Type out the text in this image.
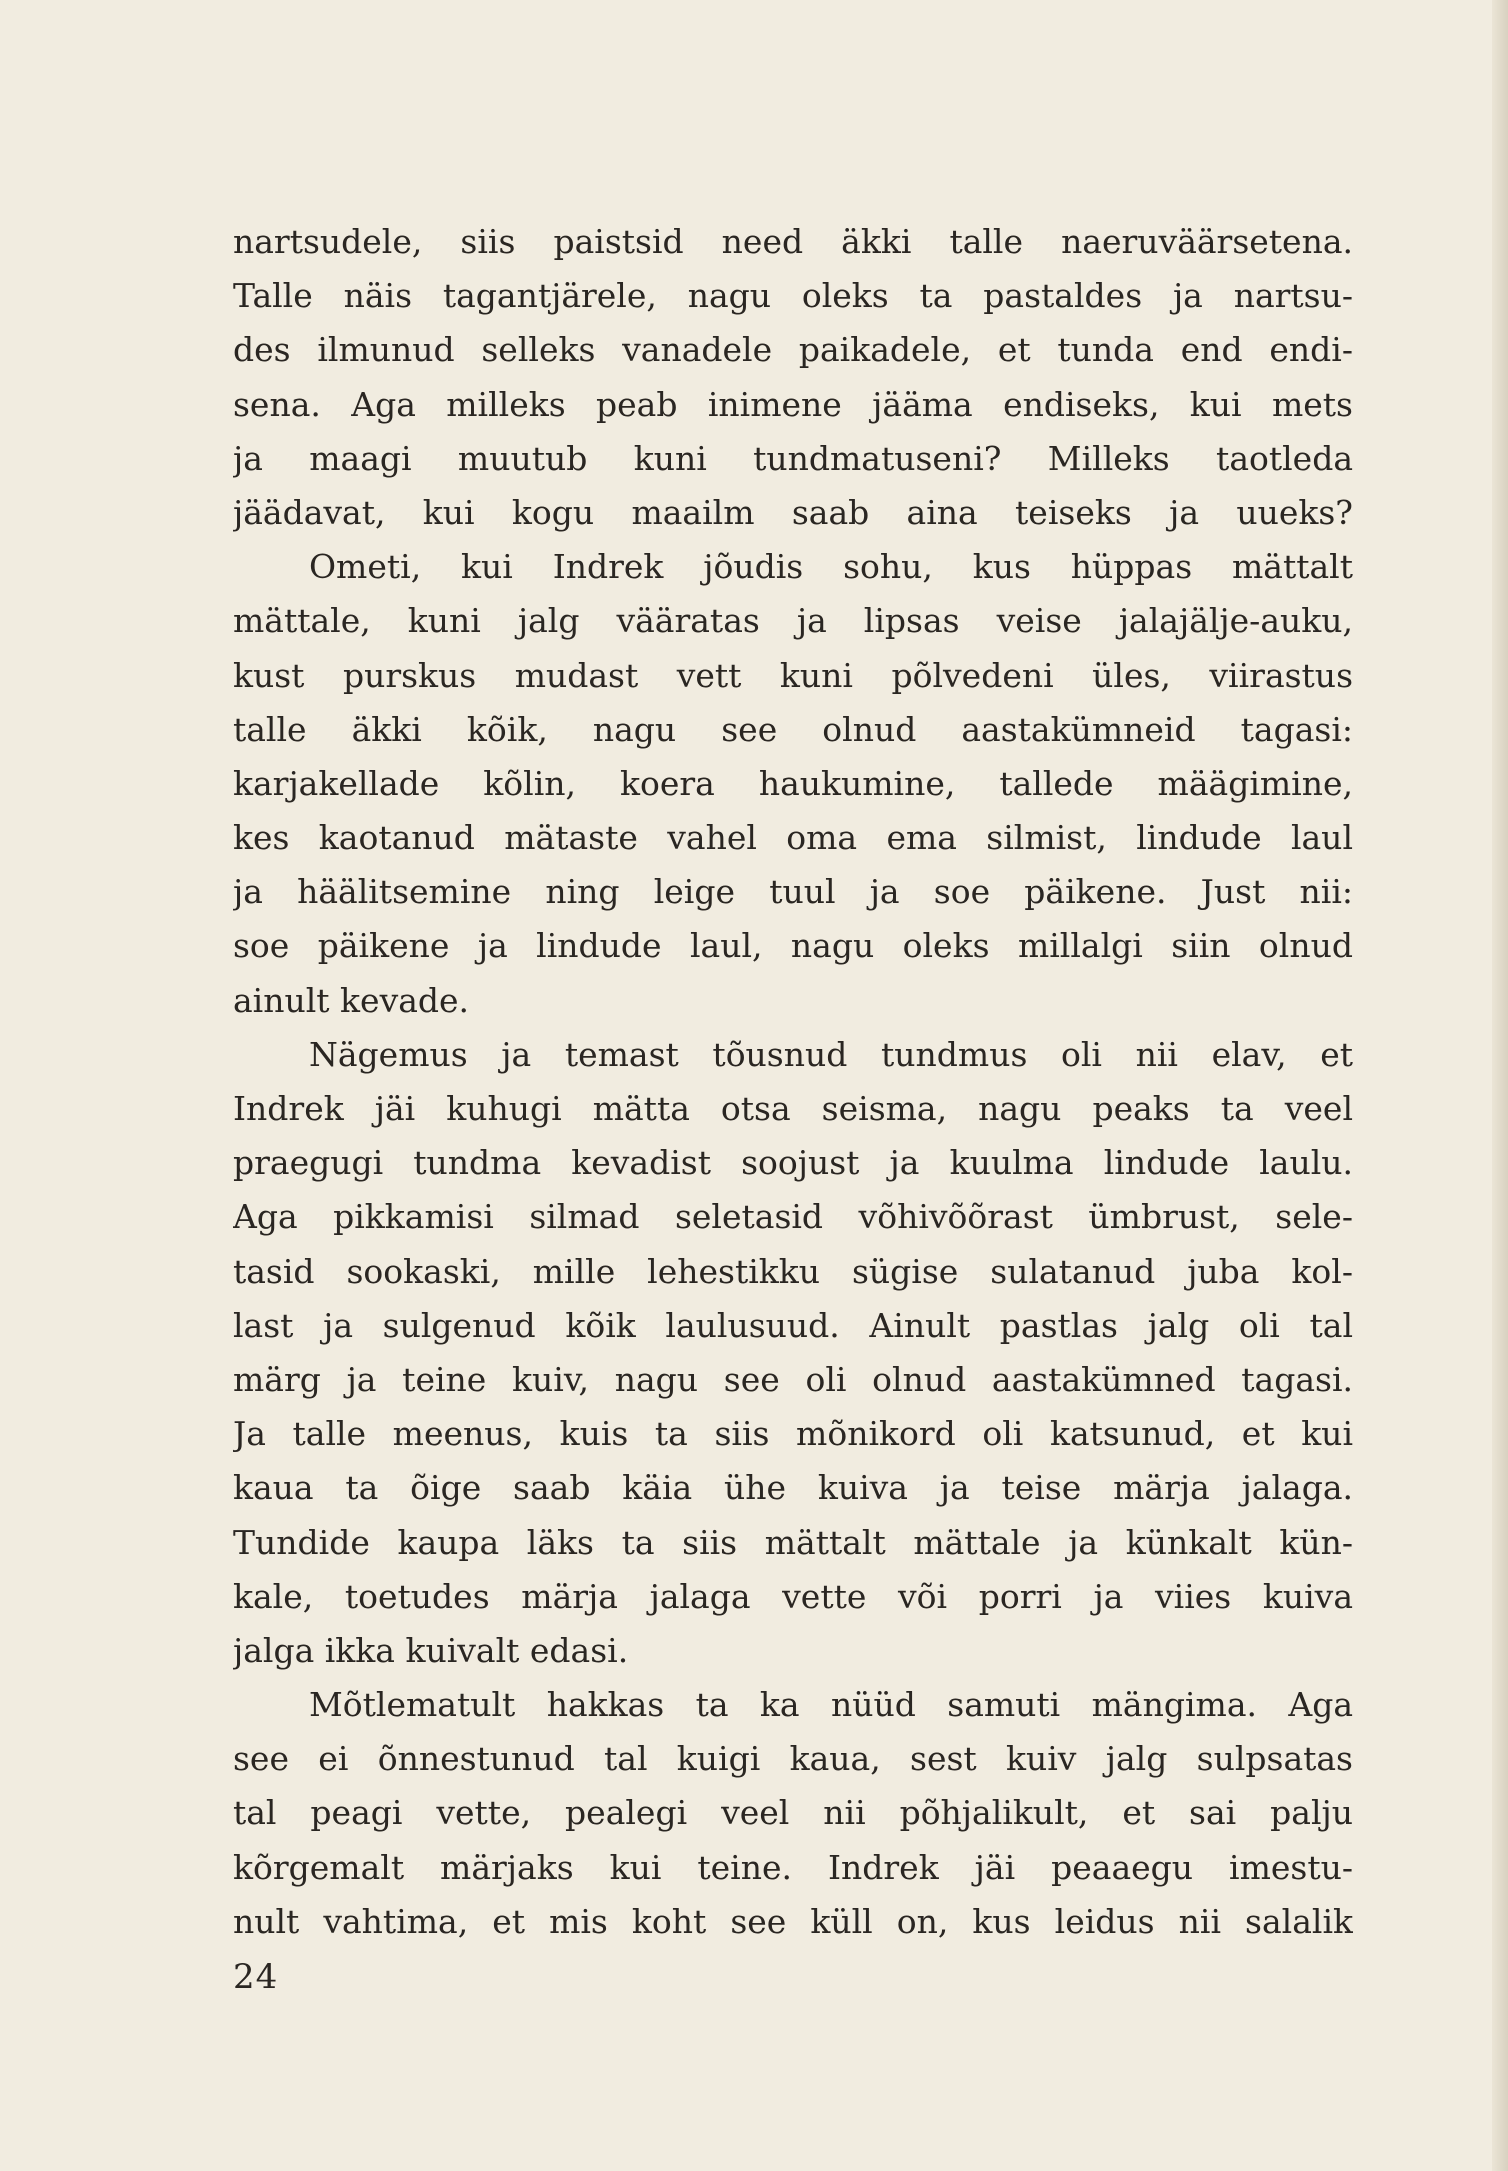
nartsudele, siis paistsid need äkki talle naeruväärsetena.
Talle näis tagantjärele, nagu oleks ta pastaldes ja nartsu-
des ilmunud selleks vanadele paikadele, et tunda end endi-
sena. Aga milleks peab inimene jääma endiseks, kui mets
ja maagi muutub kuni tundmatuseni? Milleks taotleda
jäädavat, kui kogu maailm saab aina teiseks ja uueks?
Ometi, kui Indrek jõudis sohu, kus hüppas mättalt
mättale, kuni jalg vääratas ja lipsas veise jalajälje-auku,
kust purskus mudast vett kuni põlvedeni üles, viirastus
talle äkki kõik, nagu see olnud aastakümneid tagasi:
karjakellade kõlin, koera haukumine, tallede määgimine,
kes kaotanud mätaste vahel oma ema silmist, lindude laul
ja häälitsemine ning leige tuul ja soe päikene. Just nii:
soe päikene ja lindude laul, nagu oleks millalgi siin olnud
ainult kevade.
Nägemus ja temast tõusnud tundmus oli nii elav, et
Indrek jäi kuhugi mätta otsa seisma, nagu peaks ta veel
praegugi tundma kevadist soojust ja kuulma lindude laulu.
Aga pikkamisi silmad seletasid võhivõõrast ümbrust, sele-
tasid sookaski, mille lehestikku sügise sulatanud juba kol-
last ja sulgenud kõik laulusuud. Ainult pastlas jalg oli tal
märg ja teine kuiv, nagu see oli olnud aastakümned tagasi.
Ja talle meenus, kuis ta siis mõnikord oli katsunud, et kui
kaua ta õige saab käia ühe kuiva ja teise märja jalaga.
Tundide kaupa läks ta siis mättalt mättale ja künkalt kün-
kale, toetudes märja jalaga vette või porri ja viies kuiva
jalga ikka kuivalt edasi.
Mõtlematult hakkas ta ka nüüd samuti mängima. Aga
see ei õnnestunud tal kuigi kaua, sest kuiv jalg sulpsatas
tal peagi vette, pealegi veel nii põhjalikult, et sai palju
kõrgemalt märjaks kui teine. Indrek jäi peaaegu imestu-
nult vahtima, et mis koht see küll on, kus leidus nii salalik
24
